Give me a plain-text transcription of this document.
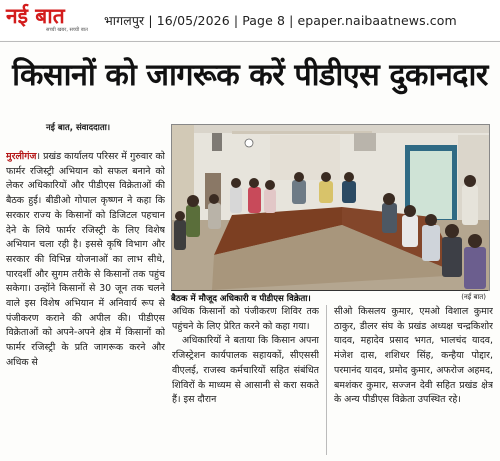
नई बात
सच्ची खबर, सच्ची बात
भागलपुर | 16/05/2026 | Page 8 | epaper.naibaatnews.com
किसानों को जागरूक करें पीडीएस दुकानदार
नई बात, संवाददाता।

मुरलीगंज। प्रखंड कार्यालय परिसर में गुरुवार को फार्मर रजिस्ट्री अभियान को सफल बनाने को लेकर अधिकारियों और पीडीएस विक्रेताओं की बैठक हुई। बीडीओ गोपाल कृष्णन ने कहा कि सरकार राज्य के किसानों को डिजिटल पहचान देने के लिये फार्मर रजिस्ट्री के लिए विशेष अभियान चला रही है। इससे कृषि विभाग और सरकार की विभिन्न योजनाओं का लाभ सीधे, पारदर्शी और सुगम तरीके से किसानों तक पहुंच सकेगा। उन्होंने किसानों से 30 जून तक चलने वाले इस विशेष अभियान में अनिवार्य रूप से पंजीकरण कराने की अपील की। पीडीएस विक्रेताओं को अपने-अपने क्षेत्र में किसानों को फार्मर रजिस्ट्री के प्रति जागरूक करने और अधिक से

बैठक में मौजूद अधिकारी व पीडीएस विक्रेता।	(नई बात)

अधिक किसानों को पंजीकरण शिविर तक पहुंचने के लिए प्रेरित करने को कहा गया।

अधिकारियों ने बताया कि किसान अपना रजिस्ट्रेशन कार्यपालक सहायकों, सीएससी वीएलई, राजस्व कर्मचारियों सहित संबंधित शिविरों के माध्यम से आसानी से करा सकते हैं। इस दौरान

सीओ किसलय कुमार, एमओ विशाल कुमार ठाकुर, डीलर संघ के प्रखंड अध्यक्ष चन्द्रकिशोर यादव, महादेव प्रसाद भगत, भालचंद यादव, मंजेश दास, शशिधर सिंह, कन्हैया पोद्दार, परमानंद यादव, प्रमोद कुमार, अफरोज अहमद, बमशंकर कुमार, सज्जन देवी सहित प्रखंड क्षेत्र के अन्य पीडीएस विक्रेता उपस्थित रहे।
